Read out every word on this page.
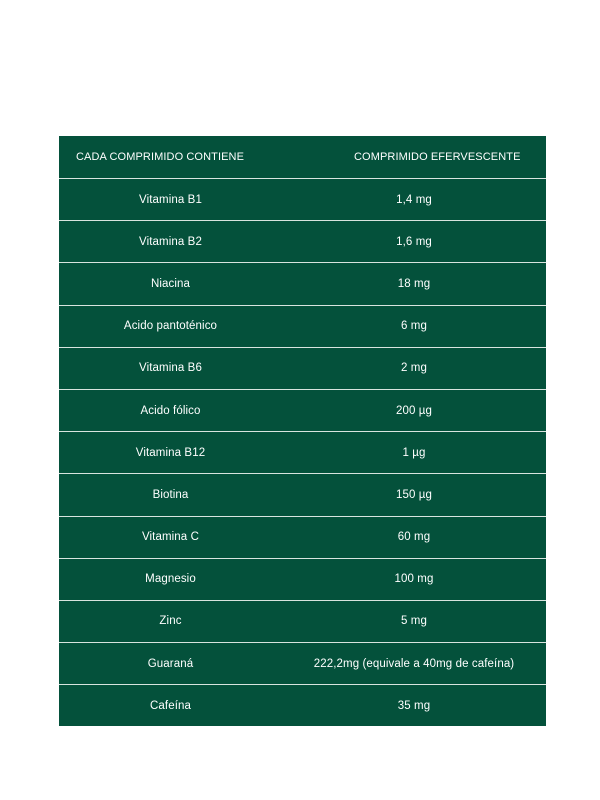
CADA COMPRIMIDO CONTIENE	COMPRIMIDO EFERVESCENTE
Vitamina B1	1,4 mg
Vitamina B2	1,6 mg
Niacina	18 mg
Acido pantoténico	6 mg
Vitamina B6	2 mg
Acido fólico	200 µg
Vitamina B12	1 µg
Biotina	150 µg
Vitamina C	60 mg
Magnesio	100 mg
Zinc	5 mg
Guaraná	222,2mg (equivale a 40mg de cafeína)
Cafeína	35 mg
